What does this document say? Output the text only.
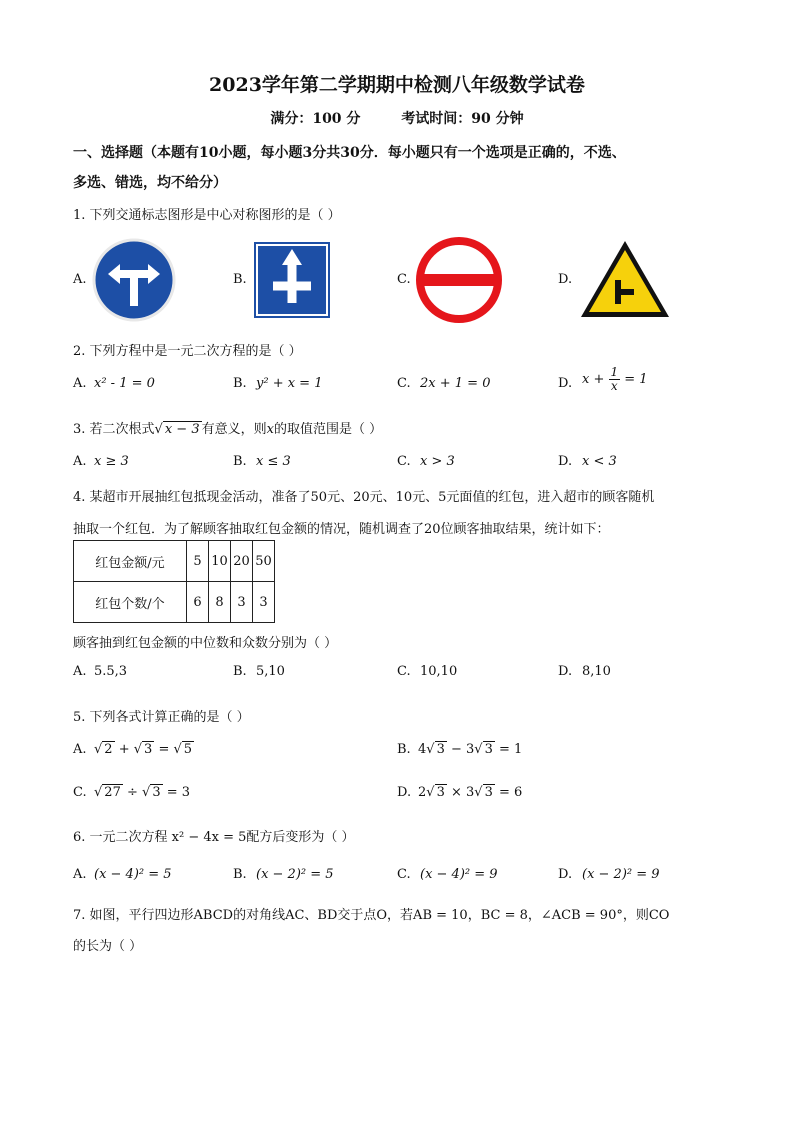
2023学年第二学期期中检测八年级数学试卷
满分：100 分	考试时间：90 分钟
一、选择题（本题有10小题，每小题3分共30分．每小题只有一个选项是正确的，不选、
多选、错选，均不给分）
1. 下列交通标志图形是中心对称图形的是（ ）
A.	B.	C.	D.
2. 下列方程中是一元二次方程的是（ ）
A. x² - 1 = 0	B. y² + x = 1	C. 2x + 1 = 0	D. $x + \frac{1}{x} = 1$
3. 若二次根式√ x − 3 有意义，则x的取值范围是（ ）
A. x ≥ 3	B. x ≤ 3	C. x > 3	D. x < 3
4. 某超市开展抽红包抵现金活动，准备了50元、20元、10元、5元面值的红包，进入超市的顾客随机
抽取一个红包．为了解顾客抽取红包金额的情况，随机调查了20位顾客抽取结果，统计如下：
红包金额/元	5	10	20	50
红包个数/个	6	8	3	3
顾客抽到红包金额的中位数和众数分别为（ ）
A. 5.5,3	B. 5,10	C. 10,10	D. 8,10
5. 下列各式计算正确的是（ ）
A. √ 2 + √ 3 = √ 5	B. 4√ 3 − 3√ 3 = 1
C. √ 27 ÷ √ 3 = 3	D. 2√ 3 × 3√ 3 = 6
6. 一元二次方程 x² − 4x = 5配方后变形为（ ）
A. (x − 4)² = 5	B. (x − 2)² = 5	C. (x − 4)² = 9	D. (x − 2)² = 9
7. 如图，平行四边形ABCD的对角线AC、BD交于点O，若AB = 10，BC = 8，∠ACB = 90°，则CO
的长为（ ）
